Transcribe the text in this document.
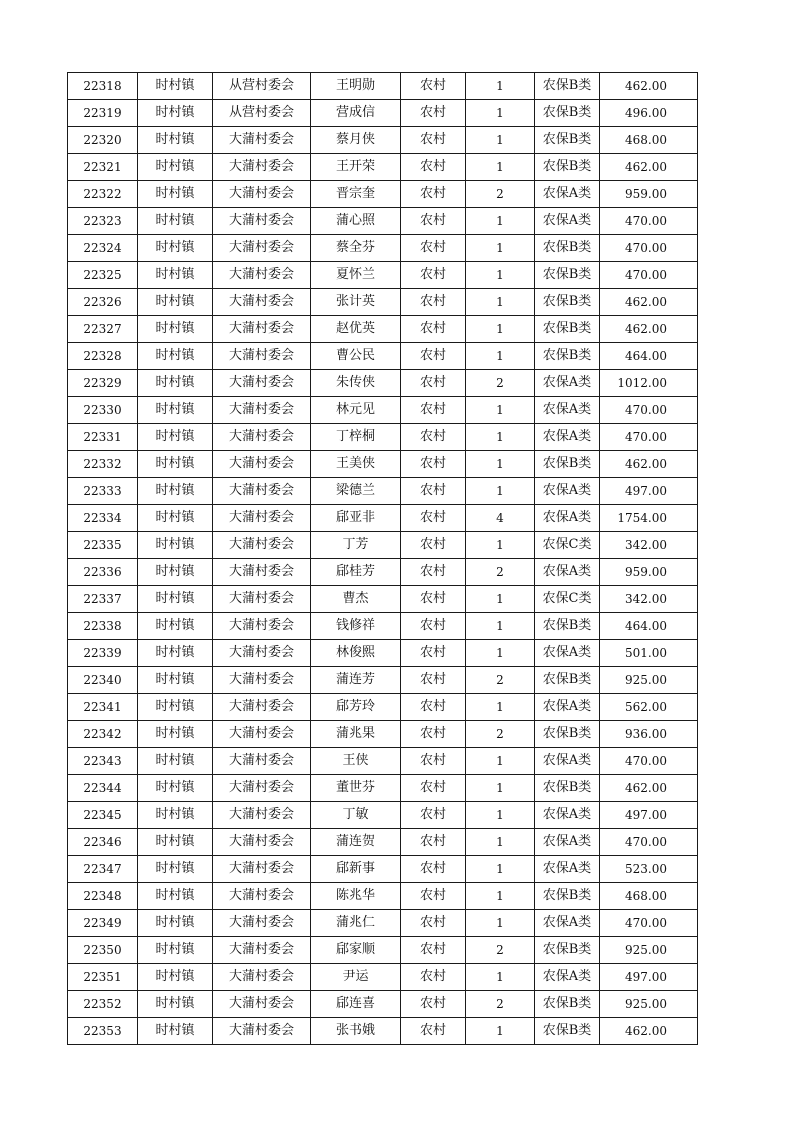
22318	时村镇	从营村委会	王明勋	农村	1	农保B类	462.00
22319	时村镇	从营村委会	营成信	农村	1	农保B类	496.00
22320	时村镇	大蒲村委会	蔡月侠	农村	1	农保B类	468.00
22321	时村镇	大蒲村委会	王开荣	农村	1	农保B类	462.00
22322	时村镇	大蒲村委会	晋宗奎	农村	2	农保A类	959.00
22323	时村镇	大蒲村委会	蒲心照	农村	1	农保A类	470.00
22324	时村镇	大蒲村委会	蔡全芬	农村	1	农保B类	470.00
22325	时村镇	大蒲村委会	夏怀兰	农村	1	农保B类	470.00
22326	时村镇	大蒲村委会	张计英	农村	1	农保B类	462.00
22327	时村镇	大蒲村委会	赵优英	农村	1	农保B类	462.00
22328	时村镇	大蒲村委会	曹公民	农村	1	农保B类	464.00
22329	时村镇	大蒲村委会	朱传侠	农村	2	农保A类	1012.00
22330	时村镇	大蒲村委会	林元见	农村	1	农保A类	470.00
22331	时村镇	大蒲村委会	丁梓桐	农村	1	农保A类	470.00
22332	时村镇	大蒲村委会	王美侠	农村	1	农保B类	462.00
22333	时村镇	大蒲村委会	梁德兰	农村	1	农保A类	497.00
22334	时村镇	大蒲村委会	郈亚非	农村	4	农保A类	1754.00
22335	时村镇	大蒲村委会	丁芳	农村	1	农保C类	342.00
22336	时村镇	大蒲村委会	郈桂芳	农村	2	农保A类	959.00
22337	时村镇	大蒲村委会	曹杰	农村	1	农保C类	342.00
22338	时村镇	大蒲村委会	钱修祥	农村	1	农保B类	464.00
22339	时村镇	大蒲村委会	林俊熙	农村	1	农保A类	501.00
22340	时村镇	大蒲村委会	蒲连芳	农村	2	农保B类	925.00
22341	时村镇	大蒲村委会	郈芳玲	农村	1	农保A类	562.00
22342	时村镇	大蒲村委会	蒲兆果	农村	2	农保B类	936.00
22343	时村镇	大蒲村委会	王侠	农村	1	农保A类	470.00
22344	时村镇	大蒲村委会	董世芬	农村	1	农保B类	462.00
22345	时村镇	大蒲村委会	丁敏	农村	1	农保A类	497.00
22346	时村镇	大蒲村委会	蒲连贺	农村	1	农保A类	470.00
22347	时村镇	大蒲村委会	郈新事	农村	1	农保A类	523.00
22348	时村镇	大蒲村委会	陈兆华	农村	1	农保B类	468.00
22349	时村镇	大蒲村委会	蒲兆仁	农村	1	农保A类	470.00
22350	时村镇	大蒲村委会	郈家顺	农村	2	农保B类	925.00
22351	时村镇	大蒲村委会	尹运	农村	1	农保A类	497.00
22352	时村镇	大蒲村委会	郈连喜	农村	2	农保B类	925.00
22353	时村镇	大蒲村委会	张书娥	农村	1	农保B类	462.00
